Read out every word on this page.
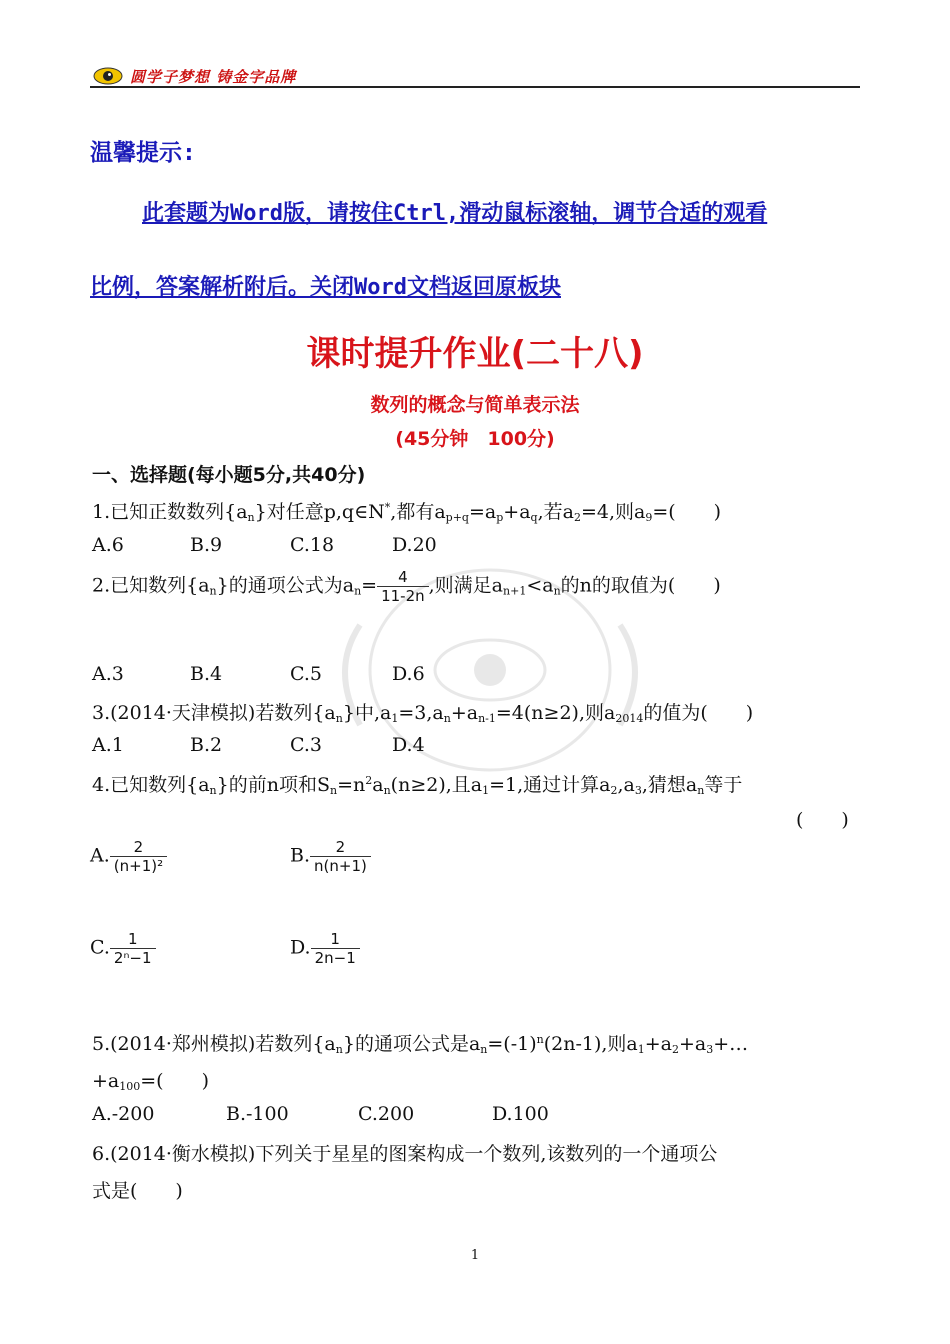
圆学子梦想 铸金字品牌
温馨提示:
此套题为Word版，请按住Ctrl,滑动鼠标滚轴，调节合适的观看
比例，答案解析附后。关闭Word文档返回原板块
课时提升作业(二十八)
数列的概念与简单表示法
(45分钟　100分)
一、选择题(每小题5分,共40分)
1.已知正数数列$\{a_n\}$对任意p,q∈N*,都有$a_{p+q}=a_p+a_q$,若$a_2=4$,则$a_9=$(　　)
A.6	B.9	C.18	D.20
2.已知数列$\{a_n\}$的通项公式为$a_n= \frac{4}{11-2n}$ ,则满足$a_{n+1}<a_n$的n的取值为(　　)
A.3	B.4	C.5	D.6
3.(2014·天津模拟)若数列$\{a_n\}$中$,a_1=3,a_n+a_{n-1}=4(n\ge 2)$,则$a_{2014}$的值为(　　)
A.1	B.2	C.3	D.4
4.已知数列$\{a_n\}$的前n项和$S_n=n^2a_n(n\ge 2)$,且$a_1=1$,通过计算$a_2,a_3$,猜想$a_n$等于
(　　)
A. $\frac{2}{\text{(n+1)²}}$	B. $\frac{2}{n(n+1)}$
C. $\frac{1}{\text{2ⁿ−1}}$	D. $\frac{1}{2n-1}$
5.(2014·郑州模拟)若数列$\{a_n\}$的通项公式是$a_n=(-1)^n(2n-1)$,则$a_1+a_2+a_3+\dots$
$+a_{100}=$(　　)
A.-200	B.-100	C.200	D.100
6.(2014·衡水模拟)下列关于星星的图案构成一个数列,该数列的一个通项公
式是(　　)
1
